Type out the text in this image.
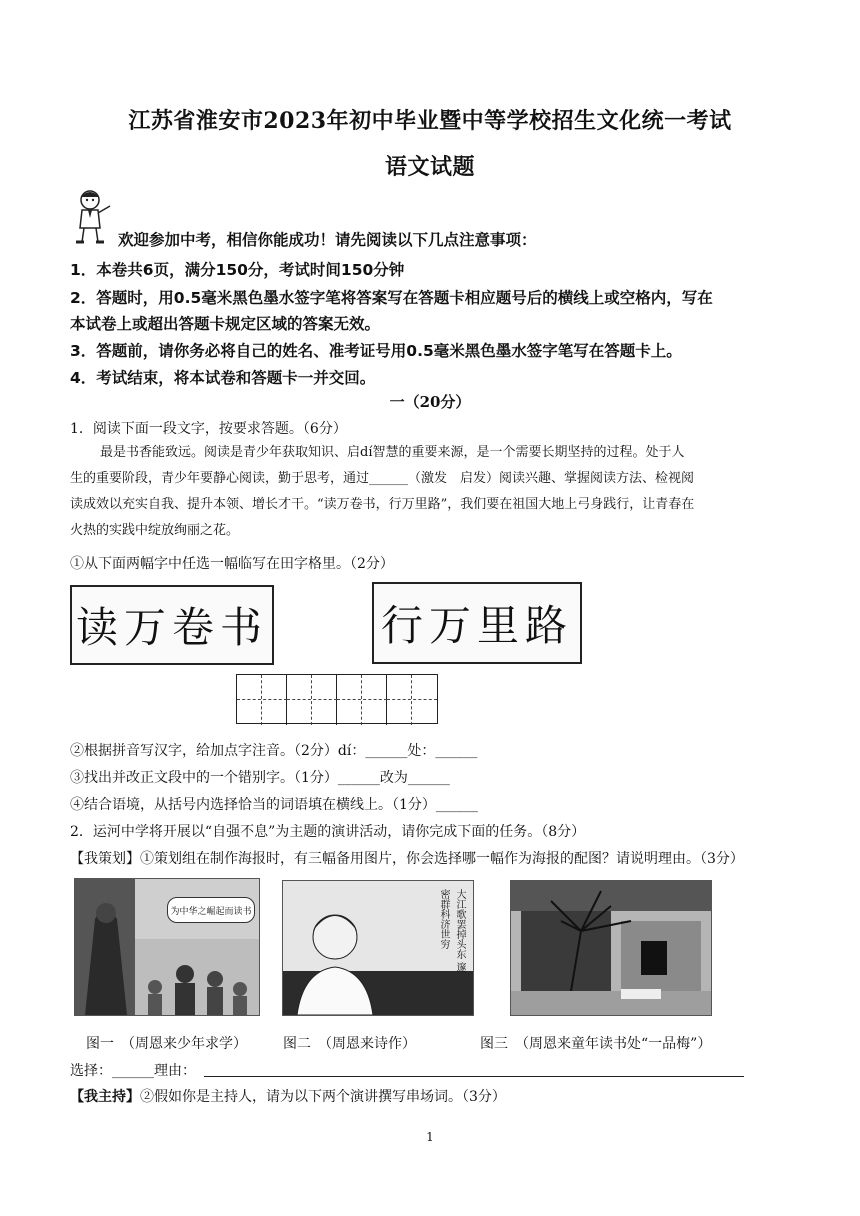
江苏省淮安市2023年初中毕业暨中等学校招生文化统一考试
语文试题
欢迎参加中考，相信你能成功！请先阅读以下几点注意事项：
1．本卷共6页，满分150分，考试时间150分钟
2．答题时，用0.5毫米黑色墨水签字笔将答案写在答题卡相应题号后的横线上或空格内，写在
本试卷上或超出答题卡规定区域的答案无效。
3．答题前，请你务必将自己的姓名、准考证号用0.5毫米黑色墨水签字笔写在答题卡上。
4．考试结束，将本试卷和答题卡一并交回。
一（20分）
1．阅读下面一段文字，按要求答题。（6分）
最是书香能致远。阅读是青少年获取知识、启dí智慧的重要来源，是一个需要长期坚持的过程。处于人
生的重要阶段，青少年要静心阅读，勤于思考，通过______（激发　启发）阅读兴趣、掌握阅读方法、检视阅
读成效以充实自我、提升本领、增长才干。“读万卷书，行万里路”，我们要在祖国大地上弓身践行，让青春在
火热的实践中绽放绚丽之花。
①从下面两幅字中任选一幅临写在田字格里。（2分）
读万卷书	行万里路
②根据拼音写汉字，给加点字注音。（2分）dí：______处：______
③找出并改正文段中的一个错别字。（1分）______改为______
④结合语境，从括号内选择恰当的词语填在横线上。（1分）______
2．运河中学将开展以“自强不息”为主题的演讲活动，请你完成下面的任务。（8分）
【我策划】①策划组在制作海报时，有三幅备用图片，你会选择哪一幅作为海报的配图？请说明理由。（3分）
为中华之崛起而读书	大江歌罢掉头东 邃密群科济世穷
图一　（周恩来少年求学）	图二　（周恩来诗作）	图三　（周恩来童年读书处“一品梅”）
选择：______理由：
【我主持】②假如你是主持人，请为以下两个演讲撰写串场词。（3分）
1
